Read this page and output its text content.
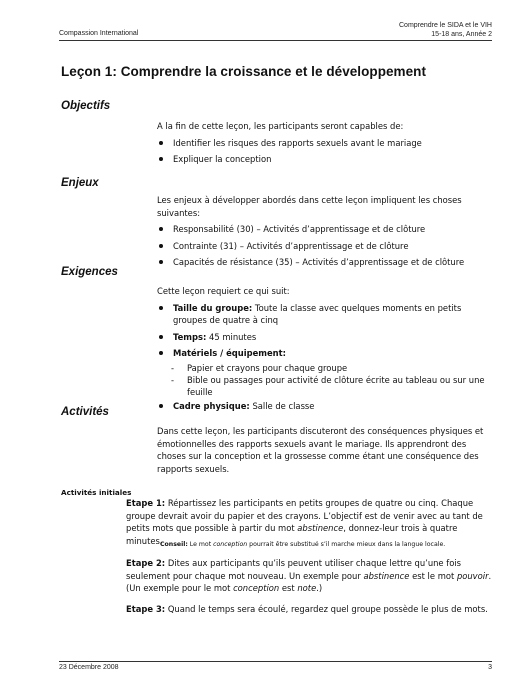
Compassion International
Comprendre le SIDA et le VIH
15-18 ans, Année 2
Leçon 1: Comprendre la croissance et le développement
Objectifs
A la fin de cette leçon, les participants seront capables de:
Identifier les risques des rapports sexuels avant le mariage
Expliquer la conception
Enjeux
Les enjeux à développer abordés dans cette leçon impliquent les choses suivantes:
Responsabilité (30) – Activités d’apprentissage et de clôture
Contrainte (31) – Activités d’apprentissage et de clôture
Capacités de résistance (35) – Activités d’apprentissage et de clôture
Exigences
Cette leçon requiert ce qui suit:
Taille du groupe: Toute la classe avec quelques moments en petits groupes de quatre à cinq
Temps: 45 minutes
Matériels / équipement:
- Papier et crayons pour chaque groupe
- Bible ou passages pour activité de clôture écrite au tableau ou sur une feuille
Cadre physique: Salle de classe
Activités
Dans cette leçon, les participants discuteront des conséquences physiques et émotionnelles des rapports sexuels avant le mariage. Ils apprendront des choses sur la conception et la grossesse comme étant une conséquence des rapports sexuels.
Activités initiales
Etape 1: Répartissez les participants en petits groupes de quatre ou cinq. Chaque groupe devrait avoir du papier et des crayons. L’objectif est de venir avec au tant de petits mots que possible à partir du mot abstinence, donnez-leur trois à quatre minutes.
Conseil: Le mot conception pourrait être substitué s’il marche mieux dans la langue locale.
Etape 2: Dites aux participants qu’ils peuvent utiliser chaque lettre qu’une fois seulement pour chaque mot nouveau. Un exemple pour abstinence est le mot pouvoir. (Un exemple pour le mot conception est note.)
Etape 3: Quand le temps sera écoulé, regardez quel groupe possède le plus de mots.
23 Décembre 2008	3
